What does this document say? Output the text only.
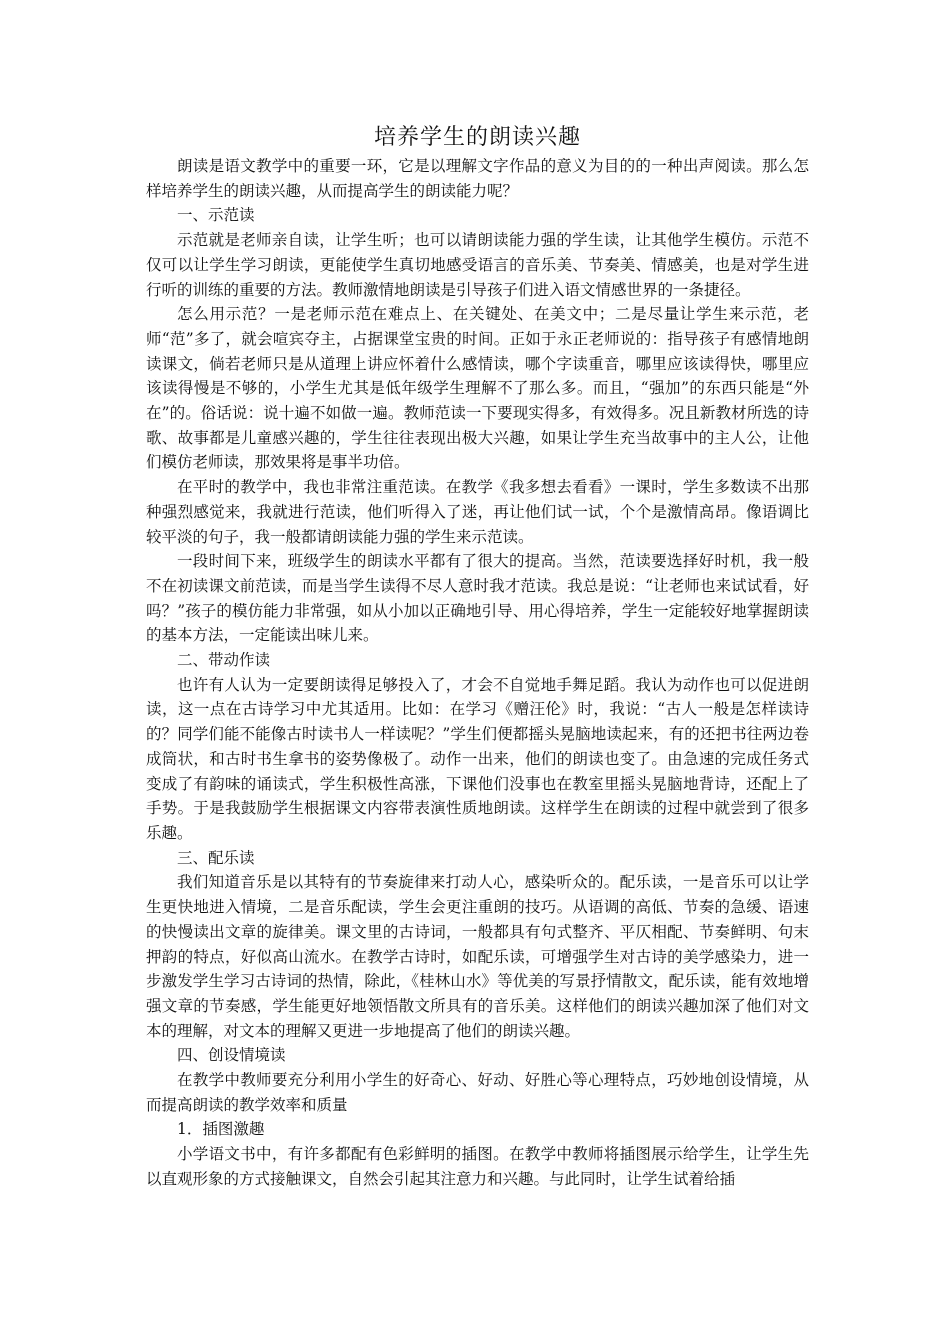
培养学生的朗读兴趣

朗读是语文教学中的重要一环，它是以理解文字作品的意义为目的的一种出声阅读。那么怎样培养学生的朗读兴趣，从而提高学生的朗读能力呢？

一、示范读

示范就是老师亲自读，让学生听；也可以请朗读能力强的学生读，让其他学生模仿。示范不仅可以让学生学习朗读，更能使学生真切地感受语言的音乐美、节奏美、情感美，也是对学生进行听的训练的重要的方法。教师激情地朗读是引导孩子们进入语文情感世界的一条捷径。

怎么用示范？一是老师示范在难点上、在关键处、在美文中；二是尽量让学生来示范，老师“范”多了，就会喧宾夺主，占据课堂宝贵的时间。正如于永正老师说的：指导孩子有感情地朗读课文，倘若老师只是从道理上讲应怀着什么感情读，哪个字读重音，哪里应该读得快，哪里应该读得慢是不够的，小学生尤其是低年级学生理解不了那么多。而且，“强加”的东西只能是“外在”的。俗话说：说十遍不如做一遍。教师范读一下要现实得多，有效得多。况且新教材所选的诗歌、故事都是儿童感兴趣的，学生往往表现出极大兴趣，如果让学生充当故事中的主人公，让他们模仿老师读，那效果将是事半功倍。

在平时的教学中，我也非常注重范读。在教学《我多想去看看》一课时，学生多数读不出那种强烈感觉来，我就进行范读，他们听得入了迷，再让他们试一试，个个是激情高昂。像语调比较平淡的句子，我一般都请朗读能力强的学生来示范读。

一段时间下来，班级学生的朗读水平都有了很大的提高。当然，范读要选择好时机，我一般不在初读课文前范读，而是当学生读得不尽人意时我才范读。我总是说：“让老师也来试试看，好吗？”孩子的模仿能力非常强，如从小加以正确地引导、用心得培养，学生一定能较好地掌握朗读的基本方法，一定能读出味儿来。

二、带动作读

也许有人认为一定要朗读得足够投入了，才会不自觉地手舞足蹈。我认为动作也可以促进朗读，这一点在古诗学习中尤其适用。比如：在学习《赠汪伦》时，我说：“古人一般是怎样读诗的？同学们能不能像古时读书人一样读呢？”学生们便都摇头晃脑地读起来，有的还把书往两边卷成筒状，和古时书生拿书的姿势像极了。动作一出来，他们的朗读也变了。由急速的完成任务式变成了有韵味的诵读式，学生积极性高涨，下课他们没事也在教室里摇头晃脑地背诗，还配上了手势。于是我鼓励学生根据课文内容带表演性质地朗读。这样学生在朗读的过程中就尝到了很多乐趣。

三、配乐读

我们知道音乐是以其特有的节奏旋律来打动人心，感染听众的。配乐读，一是音乐可以让学生更快地进入情境，二是音乐配读，学生会更注重朗的技巧。从语调的高低、节奏的急缓、语速的快慢读出文章的旋律美。课文里的古诗词，一般都具有句式整齐、平仄相配、节奏鲜明、句末押韵的特点，好似高山流水。在教学古诗时，如配乐读，可增强学生对古诗的美学感染力，进一步激发学生学习古诗词的热情，除此，《桂林山水》等优美的写景抒情散文，配乐读，能有效地增强文章的节奏感，学生能更好地领悟散文所具有的音乐美。这样他们的朗读兴趣加深了他们对文本的理解，对文本的理解又更进一步地提高了他们的朗读兴趣。

四、创设情境读

在教学中教师要充分利用小学生的好奇心、好动、好胜心等心理特点，巧妙地创设情境，从而提高朗读的教学效率和质量

1．插图激趣

小学语文书中，有许多都配有色彩鲜明的插图。在教学中教师将插图展示给学生，让学生先以直观形象的方式接触课文，自然会引起其注意力和兴趣。与此同时，让学生试着给插
